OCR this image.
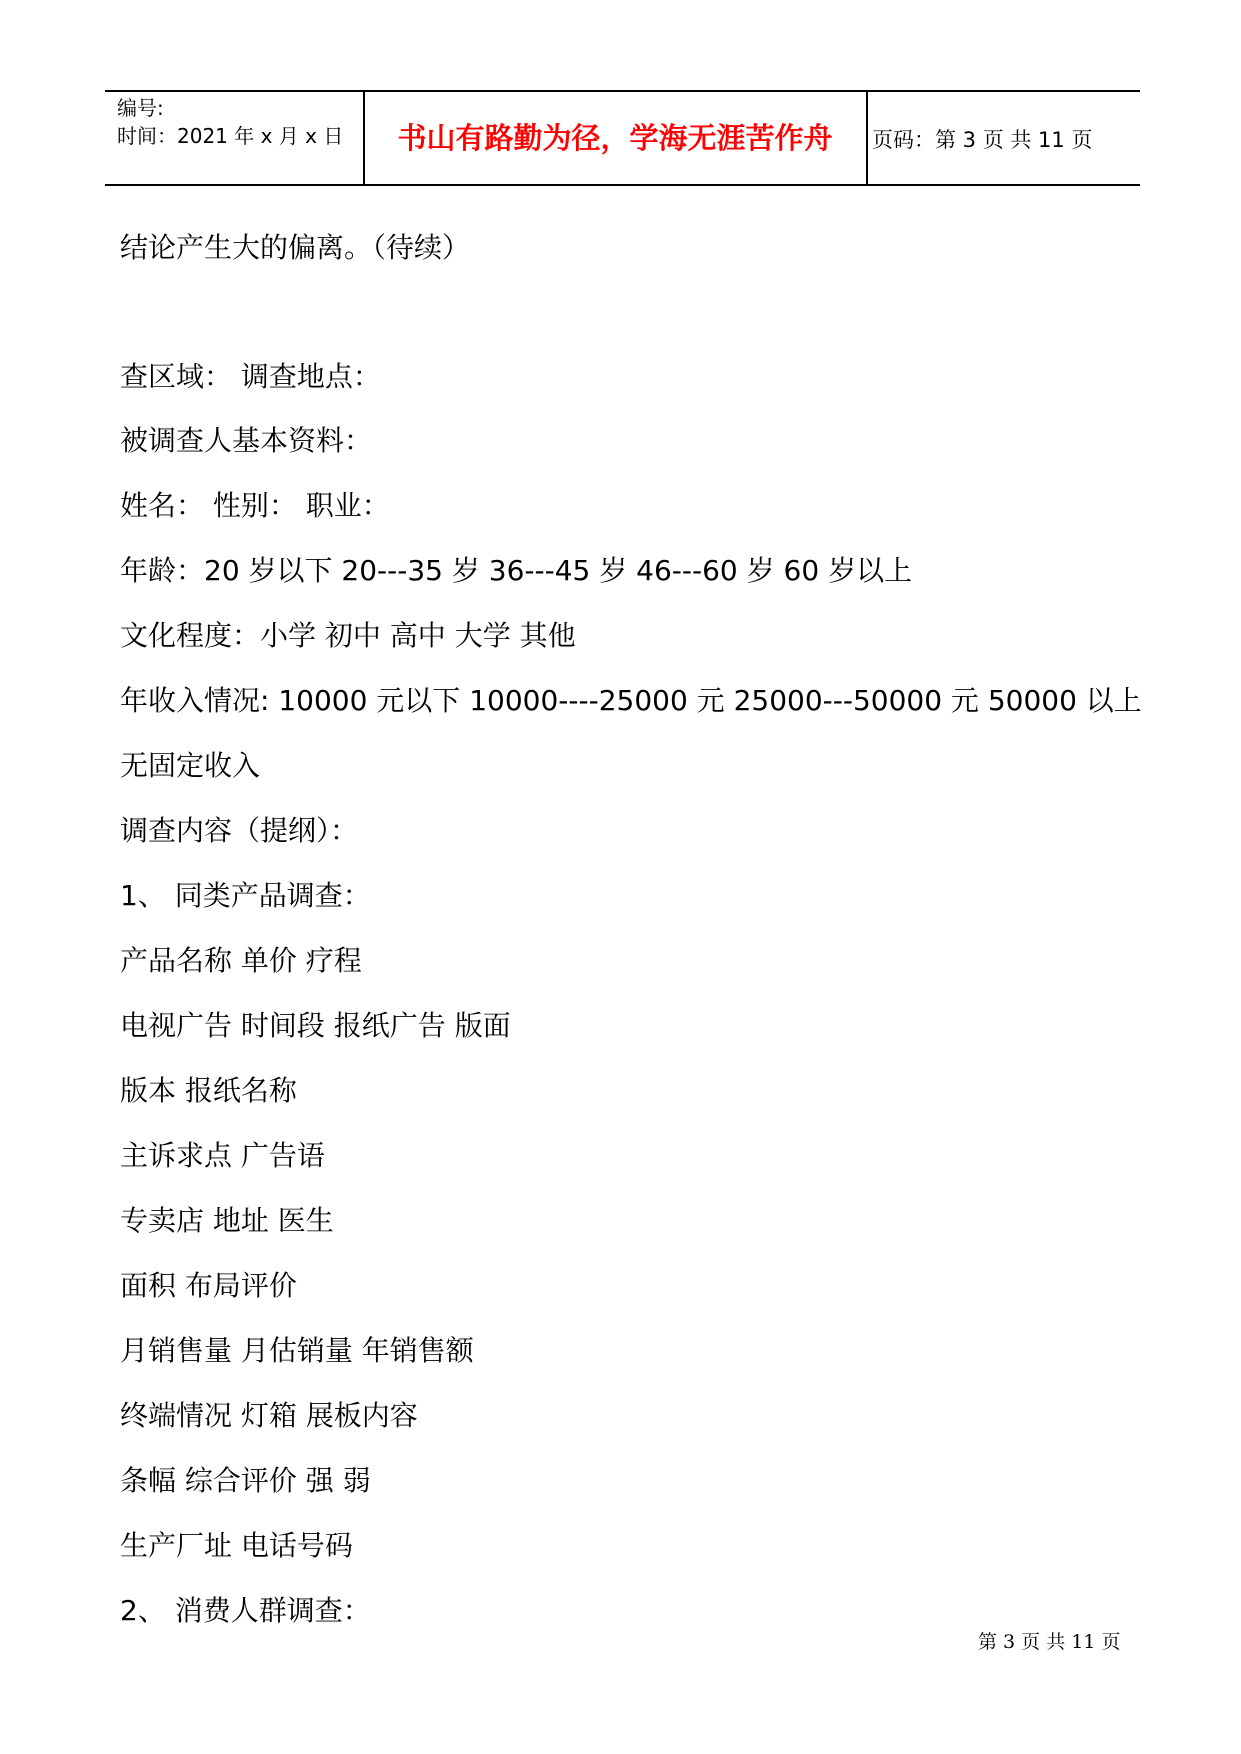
编号:
时间：2021 年 x 月 x 日	书山有路勤为径，学海无涯苦作舟	页码：第 3 页 共 11 页
结论产生大的偏离。（待续）
查区域： 调查地点：
被调查人基本资料：
姓名： 性别： 职业：
年龄：20 岁以下 20---35 岁 36---45 岁 46---60 岁 60 岁以上
文化程度：小学 初中 高中 大学 其他
年收入情况: 10000 元以下 10000----25000 元 25000---50000 元 50000 以上
无固定收入
调查内容（提纲）：
1、 同类产品调查：
产品名称 单价 疗程
电视广告 时间段 报纸广告 版面
版本 报纸名称
主诉求点 广告语
专卖店 地址 医生
面积 布局评价
月销售量 月估销量 年销售额
终端情况 灯箱 展板内容
条幅 综合评价 强 弱
生产厂址 电话号码
2、 消费人群调查：
第 3 页 共 11 页
